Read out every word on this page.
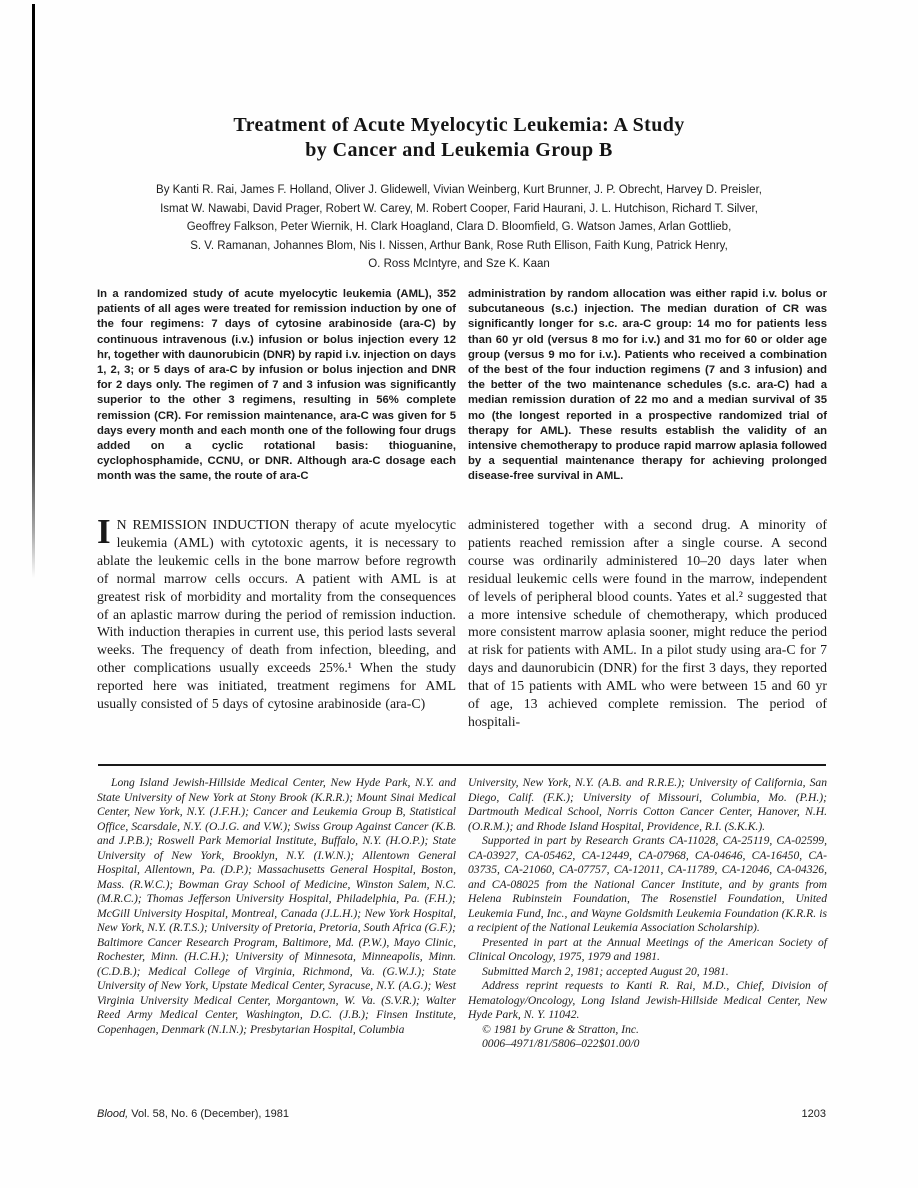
Treatment of Acute Myelocytic Leukemia: A Study
by Cancer and Leukemia Group B
By Kanti R. Rai, James F. Holland, Oliver J. Glidewell, Vivian Weinberg, Kurt Brunner, J. P. Obrecht, Harvey D. Preisler,
Ismat W. Nawabi, David Prager, Robert W. Carey, M. Robert Cooper, Farid Haurani, J. L. Hutchison, Richard T. Silver,
Geoffrey Falkson, Peter Wiernik, H. Clark Hoagland, Clara D. Bloomfield, G. Watson James, Arlan Gottlieb,
S. V. Ramanan, Johannes Blom, Nis I. Nissen, Arthur Bank, Rose Ruth Ellison, Faith Kung, Patrick Henry,
O. Ross McIntyre, and Sze K. Kaan

In a randomized study of acute myelocytic leukemia (AML), 352 patients of all ages were treated for remission induction by one of the four regimens: 7 days of cytosine arabinoside (ara-C) by continuous intravenous (i.v.) infusion or bolus injection every 12 hr, together with daunorubicin (DNR) by rapid i.v. injection on days 1, 2, 3; or 5 days of ara-C by infusion or bolus injection and DNR for 2 days only. The regimen of 7 and 3 infusion was significantly superior to the other 3 regimens, resulting in 56% complete remission (CR). For remission maintenance, ara-C was given for 5 days every month and each month one of the following four drugs added on a cyclic rotational basis: thioguanine, cyclophosphamide, CCNU, or DNR. Although ara-C dosage each month was the same, the route of ara-C

administration by random allocation was either rapid i.v. bolus or subcutaneous (s.c.) injection. The median duration of CR was significantly longer for s.c. ara-C group: 14 mo for patients less than 60 yr old (versus 8 mo for i.v.) and 31 mo for 60 or older age group (versus 9 mo for i.v.). Patients who received a combination of the best of the four induction regimens (7 and 3 infusion) and the better of the two maintenance schedules (s.c. ara-C) had a median remission duration of 22 mo and a median survival of 35 mo (the longest reported in a prospective randomized trial of therapy for AML). These results establish the validity of an intensive chemotherapy to produce rapid marrow aplasia followed by a sequential maintenance therapy for achieving prolonged disease-free survival in AML.

I N REMISSION INDUCTION therapy of acute myelocytic leukemia (AML) with cytotoxic agents, it is necessary to ablate the leukemic cells in the bone marrow before regrowth of normal marrow cells occurs. A patient with AML is at greatest risk of morbidity and mortality from the consequences of an aplastic marrow during the period of remission induction. With induction therapies in current use, this period lasts several weeks. The frequency of death from infection, bleeding, and other complications usually exceeds 25%.¹ When the study reported here was initiated, treatment regimens for AML usually consisted of 5 days of cytosine arabinoside (ara-C)

administered together with a second drug. A minority of patients reached remission after a single course. A second course was ordinarily administered 10–20 days later when residual leukemic cells were found in the marrow, independent of levels of peripheral blood counts. Yates et al.² suggested that a more intensive schedule of chemotherapy, which produced more consistent marrow aplasia sooner, might reduce the period at risk for patients with AML. In a pilot study using ara-C for 7 days and daunorubicin (DNR) for the first 3 days, they reported that of 15 patients with AML who were between 15 and 60 yr of age, 13 achieved complete remission. The period of hospitali-

Long Island Jewish-Hillside Medical Center, New Hyde Park, N.Y. and State University of New York at Stony Brook (K.R.R.); Mount Sinai Medical Center, New York, N.Y. (J.F.H.); Cancer and Leukemia Group B, Statistical Office, Scarsdale, N.Y. (O.J.G. and V.W.); Swiss Group Against Cancer (K.B. and J.P.B.); Roswell Park Memorial Institute, Buffalo, N.Y. (H.O.P.); State University of New York, Brooklyn, N.Y. (I.W.N.); Allentown General Hospital, Allentown, Pa. (D.P.); Massachusetts General Hospital, Boston, Mass. (R.W.C.); Bowman Gray School of Medicine, Winston Salem, N.C. (M.R.C.); Thomas Jefferson University Hospital, Philadelphia, Pa. (F.H.); McGill University Hospital, Montreal, Canada (J.L.H.); New York Hospital, New York, N.Y. (R.T.S.); University of Pretoria, Pretoria, South Africa (G.F.); Baltimore Cancer Research Program, Baltimore, Md. (P.W.), Mayo Clinic, Rochester, Minn. (H.C.H.); University of Minnesota, Minneapolis, Minn. (C.D.B.); Medical College of Virginia, Richmond, Va. (G.W.J.); State University of New York, Upstate Medical Center, Syracuse, N.Y. (A.G.); West Virginia University Medical Center, Morgantown, W. Va. (S.V.R.); Walter Reed Army Medical Center, Washington, D.C. (J.B.); Finsen Institute, Copenhagen, Denmark (N.I.N.); Presbytarian Hospital, Columbia

University, New York, N.Y. (A.B. and R.R.E.); University of California, San Diego, Calif. (F.K.); University of Missouri, Columbia, Mo. (P.H.); Dartmouth Medical School, Norris Cotton Cancer Center, Hanover, N.H. (O.R.M.); and Rhode Island Hospital, Providence, R.I. (S.K.K.).

Supported in part by Research Grants CA-11028, CA-25119, CA-02599, CA-03927, CA-05462, CA-12449, CA-07968, CA-04646, CA-16450, CA-03735, CA-21060, CA-07757, CA-12011, CA-11789, CA-12046, CA-04326, and CA-08025 from the National Cancer Institute, and by grants from Helena Rubinstein Foundation, The Rosenstiel Foundation, United Leukemia Fund, Inc., and Wayne Goldsmith Leukemia Foundation (K.R.R. is a recipient of the National Leukemia Association Scholarship).

Presented in part at the Annual Meetings of the American Society of Clinical Oncology, 1975, 1979 and 1981.

Submitted March 2, 1981; accepted August 20, 1981.

Address reprint requests to Kanti R. Rai, M.D., Chief, Division of Hematology/Oncology, Long Island Jewish-Hillside Medical Center, New Hyde Park, N. Y. 11042.

© 1981 by Grune & Stratton, Inc.

0006–4971/81/5806–022$01.00/0

Blood, Vol. 58, No. 6 (December), 1981	1203
